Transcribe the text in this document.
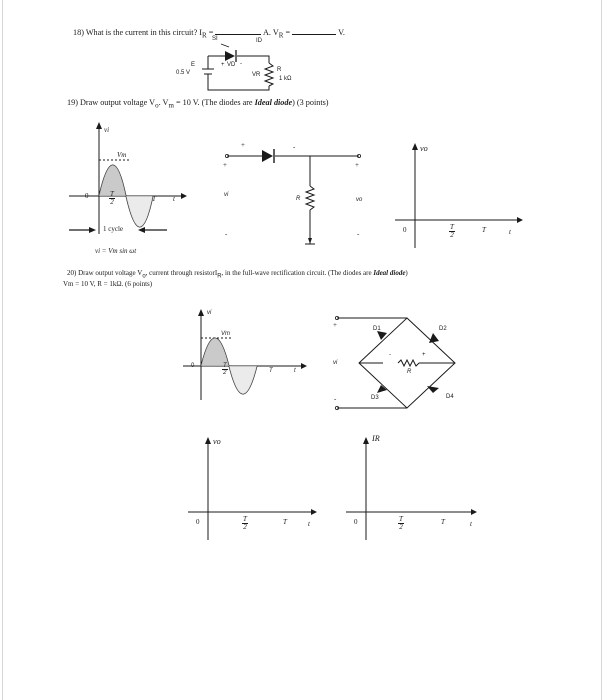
18) What is the current in this circuit? $I_R$ =	A. $V_R$ =	V.
SI	ID
+ VD -
E
0.5 V	VR
R
1 kΩ
19) Draw output voltage $V_o$. $V_m = 10$ V. (The diodes are Ideal diode) (3 points)
vi
Vm
0	$\frac{T}{2}$	T t
1 cycle
vi = Vm sin ωt
+	-
+	+
vi
R	vo
-	-
vo
0	$\frac{T}{2}$	T	t
20) Draw output voltage $V_o$, current through resistorI$_R$, in the full-wave rectification circuit. (The diodes are Ideal diode)
Vm = 10 V, R = 1kΩ. (6 points)
vi
Vm
0	$\frac{T}{2}$	T	t
+
vi
-
D1	D2
D3	D4
-	+
R
vo
0	$\frac{T}{2}$	T	t
IR
0	$\frac{T}{2}$	T	t
